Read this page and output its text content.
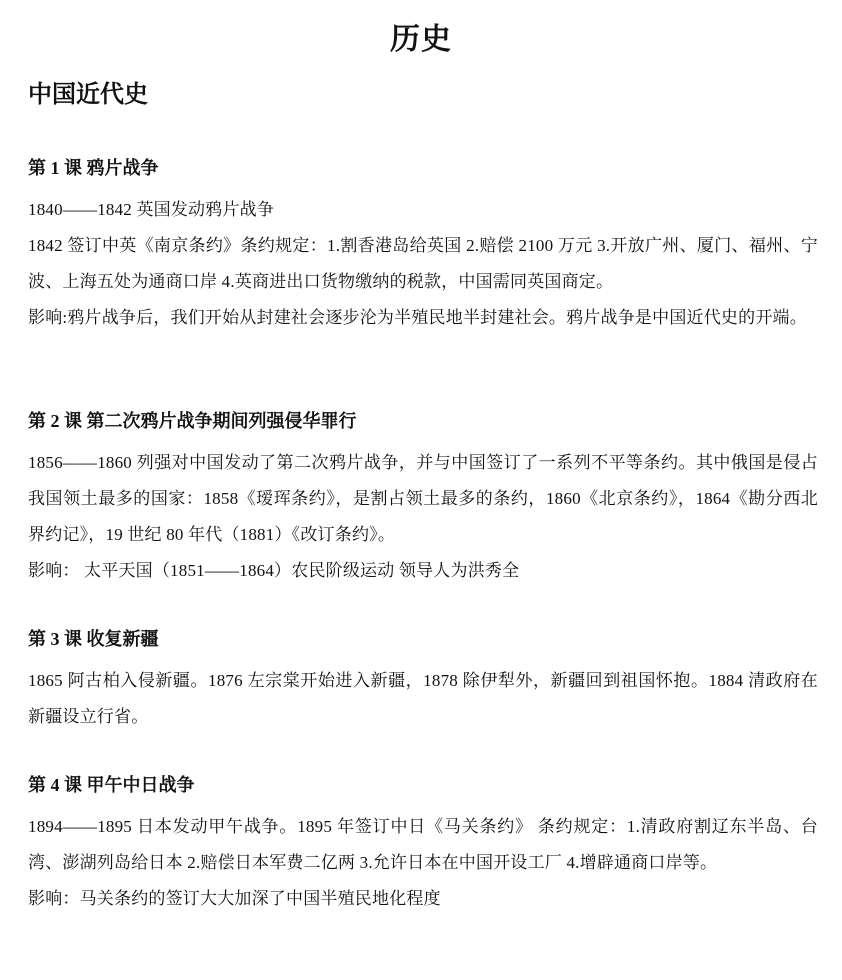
历史
中国近代史
第 1 课 鸦片战争

1840——1842 英国发动鸦片战争

1842 签订中英《南京条约》条约规定：1.割香港岛给英国 2.赔偿 2100 万元 3.开放广州、厦门、福州、宁波、上海五处为通商口岸 4.英商进出口货物缴纳的税款，中国需同英国商定。

影响:鸦片战争后，我们开始从封建社会逐步沦为半殖民地半封建社会。鸦片战争是中国近代史的开端。

第 2 课 第二次鸦片战争期间列强侵华罪行

1856——1860 列强对中国发动了第二次鸦片战争，并与中国签订了一系列不平等条约。其中俄国是侵占我国领土最多的国家：1858《瑷珲条约》，是割占领土最多的条约，1860《北京条约》，1864《勘分西北界约记》，19 世纪 80 年代（1881）《改订条约》。

影响： 太平天国（1851——1864）农民阶级运动 领导人为洪秀全

第 3 课 收复新疆

1865 阿古柏入侵新疆。1876 左宗棠开始进入新疆，1878 除伊犁外，新疆回到祖国怀抱。1884 清政府在新疆设立行省。

第 4 课 甲午中日战争

1894——1895 日本发动甲午战争。1895 年签订中日《马关条约》 条约规定：1.清政府割辽东半岛、台湾、澎湖列岛给日本 2.赔偿日本军费二亿两 3.允许日本在中国开设工厂 4.增辟通商口岸等。

影响：马关条约的签订大大加深了中国半殖民地化程度
